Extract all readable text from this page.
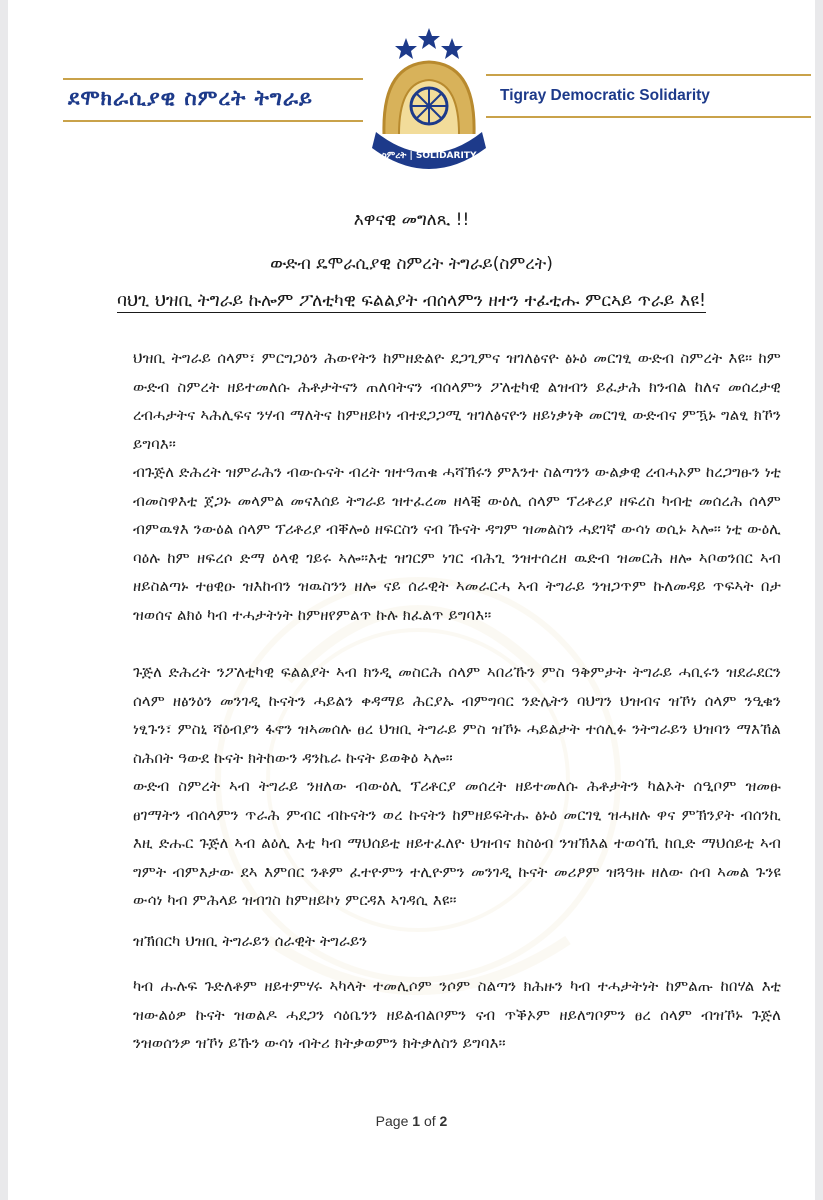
ደሞክራሲያዊ ስምረት ትግራይ	Tigray Democratic Solidarity
ስምረት | SOLIDARITY
እዋናዊ መግለጺ !!
ውድብ ዴሞራሲያዊ ስምረት ትግራይ(ስምረት)
ባህጊ ህዝቢ ትግራይ ኩሎም ፖለቲካዊ ፍልልያት ብሰላምን ዘተን ተፈቲሑ ምርኣይ ጥራይ እዩ!
ህዝቢ ትግራይ ሰላም፣ ምርግጋዕን ሕውየትን ከምዘድልዮ ደጋጊምና ዝገለፅናዮ ፅኑዕ መርገፂ ውድብ ስምረት እዩ። ከም ውድብ ስምረት ዘይተመለሱ ሕቶታትናን ጠለባትናን ብሰላምን ፖለቲካዊ ልዝብን ይፈታሕ ክንብል ከለና መሰረታዊ ረብሓታትና ኣሕሊፍና ንሃብ ማለትና ከምዘይኮነ ብተደጋጋሚ ዝገለፅናዮን ዘይነቃነቅ መርገፂ ውድብና ምዃኑ ግልፂ ክኾን ይግባእ።
ብጉጅለ ድሕረት ዝምራሕን ብውሱናት ብረት ዝተዓጠቁ ሓሻኽሩን ምእንተ ስልጣንን ውልቃዊ ረብሓኦም ከረጋግፁን ነቲ ብመስዋእቲ ጀጋኑ መላምል መናእሰይ ትግራይ ዝተፈረመ ዘላቒ ውዕሊ ሰላም ፕሪቶሪያ ዘፍረስ ካብቲ መሰረሕ ሰላም ብምዉፃእ ንውዕል ሰላም ፕሪቶሪያ ብቐሎዕ ዘፍርስን ናብ ኹናት ዳግም ዝመልስን ሓደገኛ ውሳነ ወሲኑ ኣሎ። ነቲ ውዕሊ ባዕሉ ከም ዘፍረሶ ድማ ዕላዊ ገይሩ ኣሎ።እቲ ዝገርም ነገር ብሕጊ ንዝተሰረዘ ዉድብ ዝመርሕ ዘሎ ኣቦወንበር ኣብ ዘይስልጣኑ ተፀዊዑ ዝእከብን ዝዉስንን ዘሎ ናይ ሰራዊት ኣመራርሓ ኣብ ትግራይ ንዝጋጥም ኩለመዳይ ጥፍኣት በታ ዝወሰና ልክዕ ካብ ተሓታትነት ከምዘየምልጥ ኩሉ ክፈልጥ ይግባእ።
ጉጅለ ድሕረት ንፖለቲካዊ ፍልልያት ኣብ ክንዲ መስርሕ ሰላም ኣበሪኹን ምስ ዓቅምታት ትግራይ ሓቢሩን ዝደራደርን ሰላም ዘፅንዕን መንገዲ ኩናትን ሓይልን ቀዳማይ ሕርያኡ ብምግባር ንድሌትን ባህግን ህዝብና ዝኾነ ሰላም ንዒቁን ነፂጉን፣ ምስኒ ሻዕብያን ፋኖን ዝኣመሰሉ ፀረ ህዝቢ ትግራይ ምስ ዝኾኑ ሓይልታት ተሰሊፉ ንትግራይን ህዝባን ማእኸል ስሕበት ዓውደ ኩናት ክትከውን ዳንኬራ ኩናት ይወቅዕ ኣሎ።
ውድብ ስምረት ኣብ ትግራይ ንዘለው ብውዕሊ ፕሪቶርያ መሰረት ዘይተመለሱ ሕቶታትን ካልኦት ሰዒቦም ዝመፁ ፀገማትን ብሰላምን ጥራሕ ምብር ብኩናትን ወረ ኩናትን ከምዘይፍትሑ ፅኑዕ መርገፂ ዝሓዘሉ ዋና ምኽንያት ብሰንኪ እዚ ድሑር ጉጅለ ኣብ ልዕሊ እቲ ካብ ማህሰይቲ ዘይተፈለዮ ህዝብና ክስዕብ ንዝኽእል ተወሳኺ ከቢድ ማህሰይቲ ኣብ ግምት ብምእታው ደኣ እምበር ንቶም ፈተዮምን ተሊዮምን መንገዲ ኩናት መሪፆም ዝጓዓዙ ዘለው ሰብ ኣመል ጉንዩ ውሳነ ካብ ምሕላይ ዝብገስ ከምዘይኮነ ምርዳእ ኣገዳሲ እዩ።
ዝኽበርካ ህዝቢ ትግራይን ሰራዊት ትግራይን
ካብ ሑሉፍ ጉድለቶም ዘይተምሃሩ ኣካላት ተመሊሶም ንሶም ስልጣን ክሕዙን ካብ ተሓታትነት ከምልጡ ከበሃል እቲ ዝውልዕዎ ኩናት ዝወልዶ ሓደጋን ሳዕቤንን ዘይልብልቦምን ናብ ጥቕኦም ዘይለግቦምን ፀረ ሰላም ብዝኾኑ ጉጅለ ንዝወሰንዎ ዝኾነ ይኹን ውሳነ ብትሪ ክትቃወምን ክትቃለስን ይግባእ።
Page 1 of 2
